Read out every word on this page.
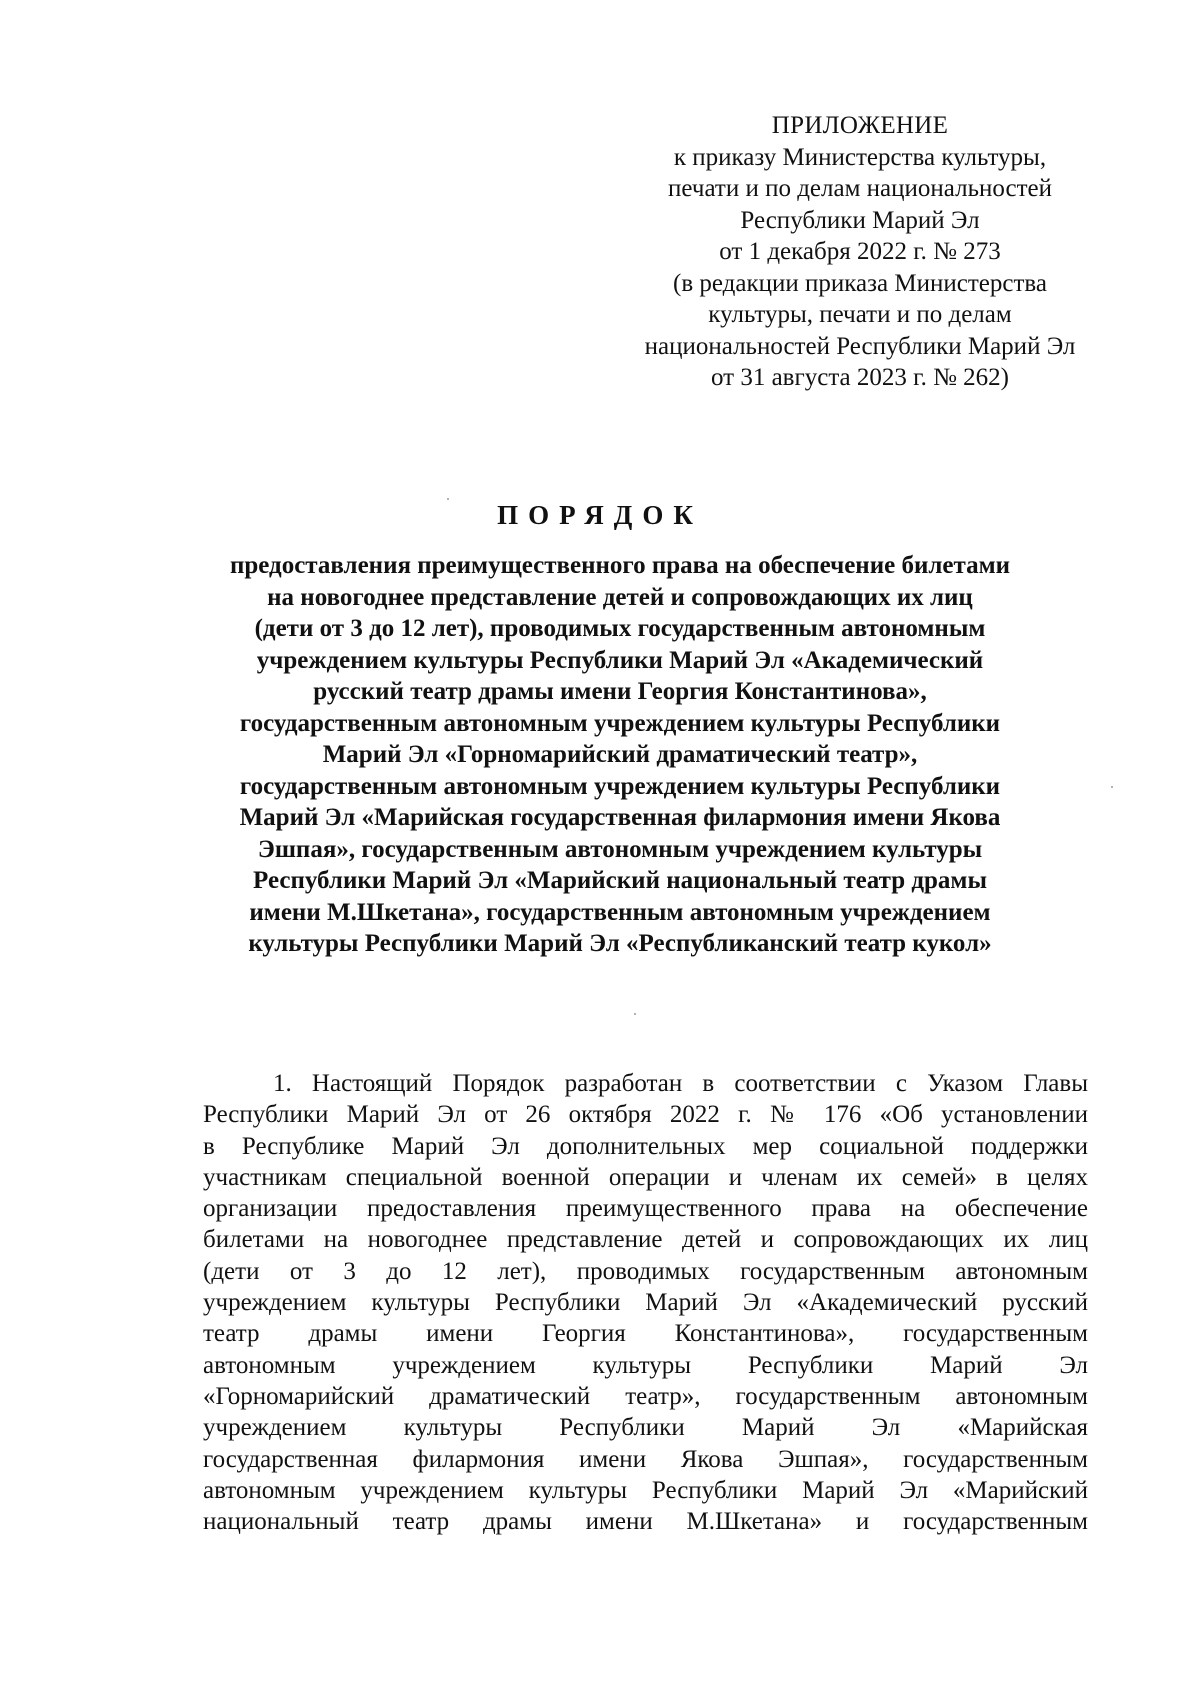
ПРИЛОЖЕНИЕ
к приказу Министерства культуры,
печати и по делам национальностей
Республики Марий Эл
от 1 декабря 2022 г. № 273
(в редакции приказа Министерства
культуры, печати и по делам
национальностей Республики Марий Эл
от 31 августа 2023 г. № 262)
ПОРЯДОК
предоставления преимущественного права на обеспечение билетами
на новогоднее представление детей и сопровождающих их лиц
(дети от 3 до 12 лет), проводимых государственным автономным
учреждением культуры Республики Марий Эл «Академический
русский театр драмы имени Георгия Константинова»,
государственным автономным учреждением культуры Республики
Марий Эл «Горномарийский драматический театр»,
государственным автономным учреждением культуры Республики
Марий Эл «Марийская государственная филармония имени Якова
Эшпая», государственным автономным учреждением культуры
Республики Марий Эл «Марийский национальный театр драмы
имени М.Шкетана», государственным автономным учреждением
культуры Республики Марий Эл «Республиканский театр кукол»
1. Настоящий Порядок разработан в соответствии с Указом Главы
Республики Марий Эл от 26 октября 2022 г. № 176 «Об установлении
в Республике Марий Эл дополнительных мер социальной поддержки
участникам специальной военной операции и членам их семей» в целях
организации предоставления преимущественного права на обеспечение
билетами на новогоднее представление детей и сопровождающих их лиц
(дети от 3 до 12 лет), проводимых государственным автономным
учреждением культуры Республики Марий Эл «Академический русский
театр драмы имени Георгия Константинова», государственным
автономным учреждением культуры Республики Марий Эл
«Горномарийский драматический театр», государственным автономным
учреждением культуры Республики Марий Эл «Марийская
государственная филармония имени Якова Эшпая», государственным
автономным учреждением культуры Республики Марий Эл «Марийский
национальный театр драмы имени М.Шкетана» и государственным
